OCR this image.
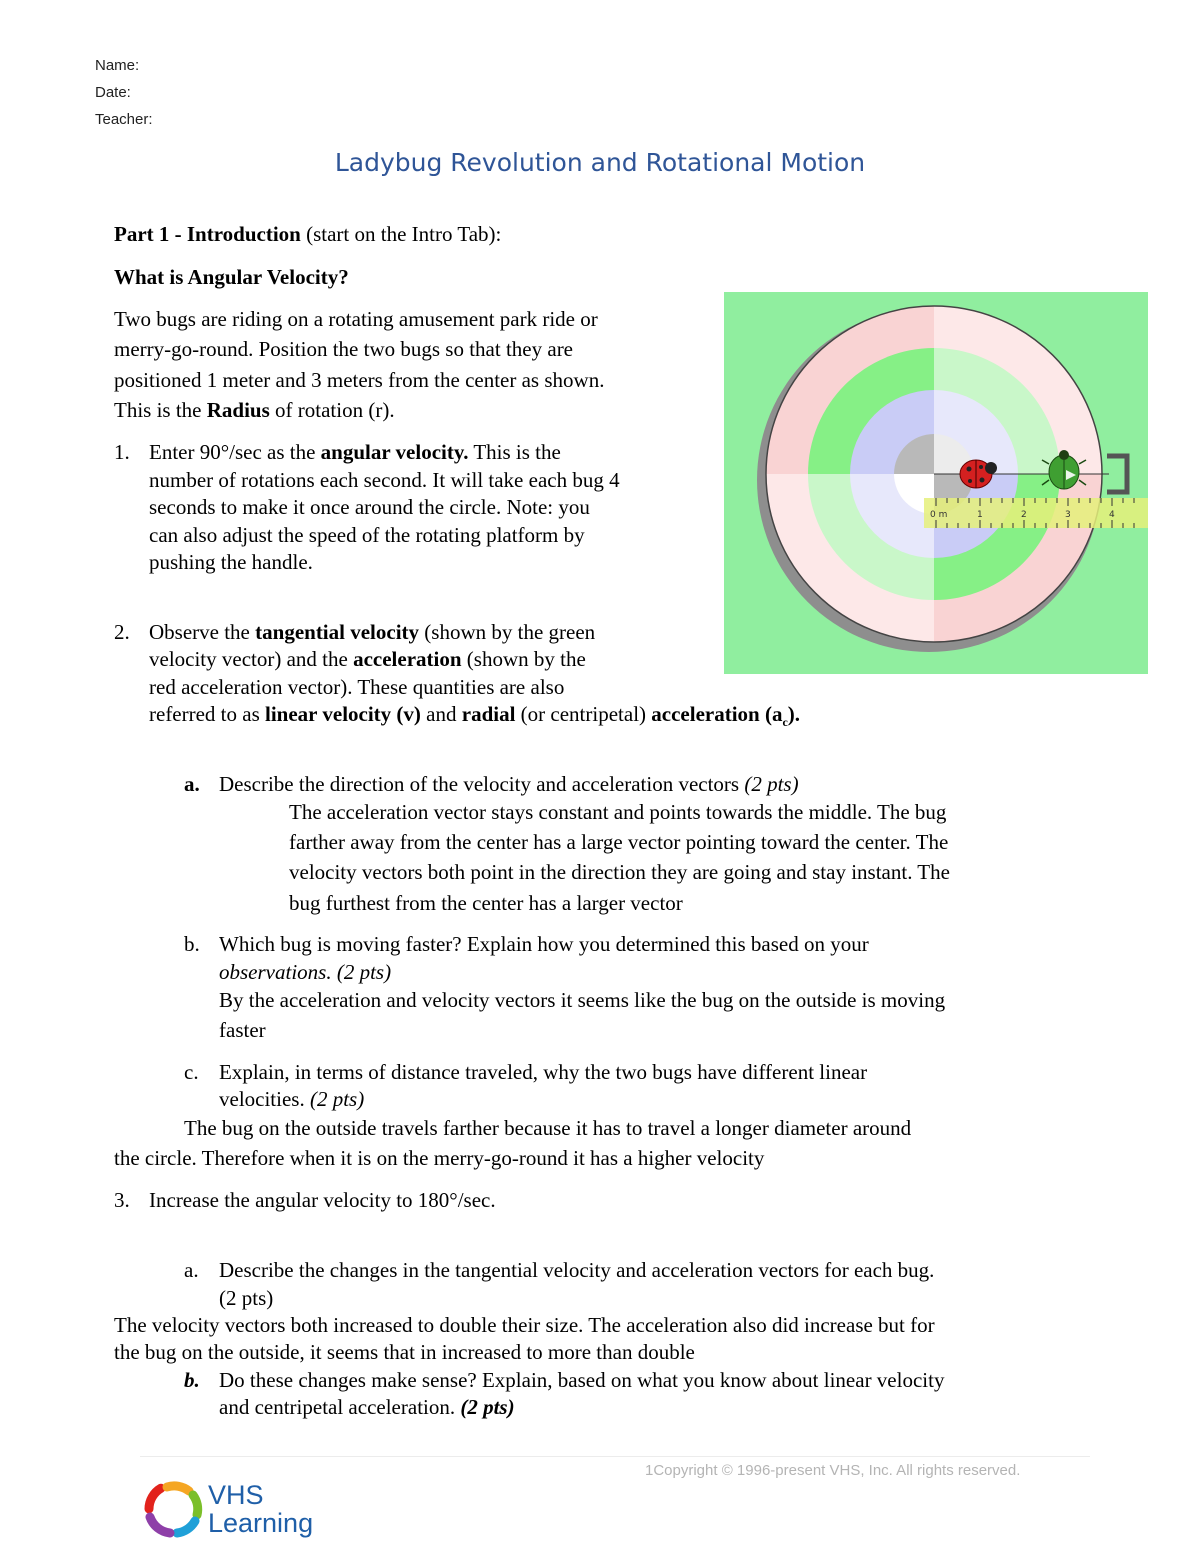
Name:
Date:
Teacher:
Ladybug Revolution and Rotational Motion
Part 1 - Introduction (start on the Intro Tab):
What is Angular Velocity?
Two bugs are riding on a rotating amusement park ride or
merry-go-round. Position the two bugs so that they are
positioned 1 meter and 3 meters from the center as shown.
This is the Radius of rotation (r).
1. Enter 90°/sec as the angular velocity. This is the
number of rotations each second. It will take each bug 4
seconds to make it once around the circle. Note: you
can also adjust the speed of the rotating platform by
pushing the handle.
0 m	1	2	3	4
2. Observe the tangential velocity (shown by the green
velocity vector) and the acceleration (shown by the
red acceleration vector). These quantities are also
referred to as linear velocity (v) and radial (or centripetal) acceleration $(a_c)$.
a. Describe the direction of the velocity and acceleration vectors (2 pts)
The acceleration vector stays constant and points towards the middle. The bug
farther away from the center has a large vector pointing toward the center. The
velocity vectors both point in the direction they are going and stay instant. The
bug furthest from the center has a larger vector
b. Which bug is moving faster? Explain how you determined this based on your
observations. (2 pts)
By the acceleration and velocity vectors it seems like the bug on the outside is moving
faster
c. Explain, in terms of distance traveled, why the two bugs have different linear
velocities. (2 pts)
The bug on the outside travels farther because it has to travel a longer diameter around
the circle. Therefore when it is on the merry-go-round it has a higher velocity
3. Increase the angular velocity to 180°/sec.
a. Describe the changes in the tangential velocity and acceleration vectors for each bug.
(2 pts)
The velocity vectors both increased to double their size. The acceleration also did increase but for
the bug on the outside, it seems that in increased to more than double
b. Do these changes make sense? Explain, based on what you know about linear velocity
and centripetal acceleration. (2 pts)
1Copyright © 1996-present VHS, Inc. All rights reserved.
VHS
Learning
